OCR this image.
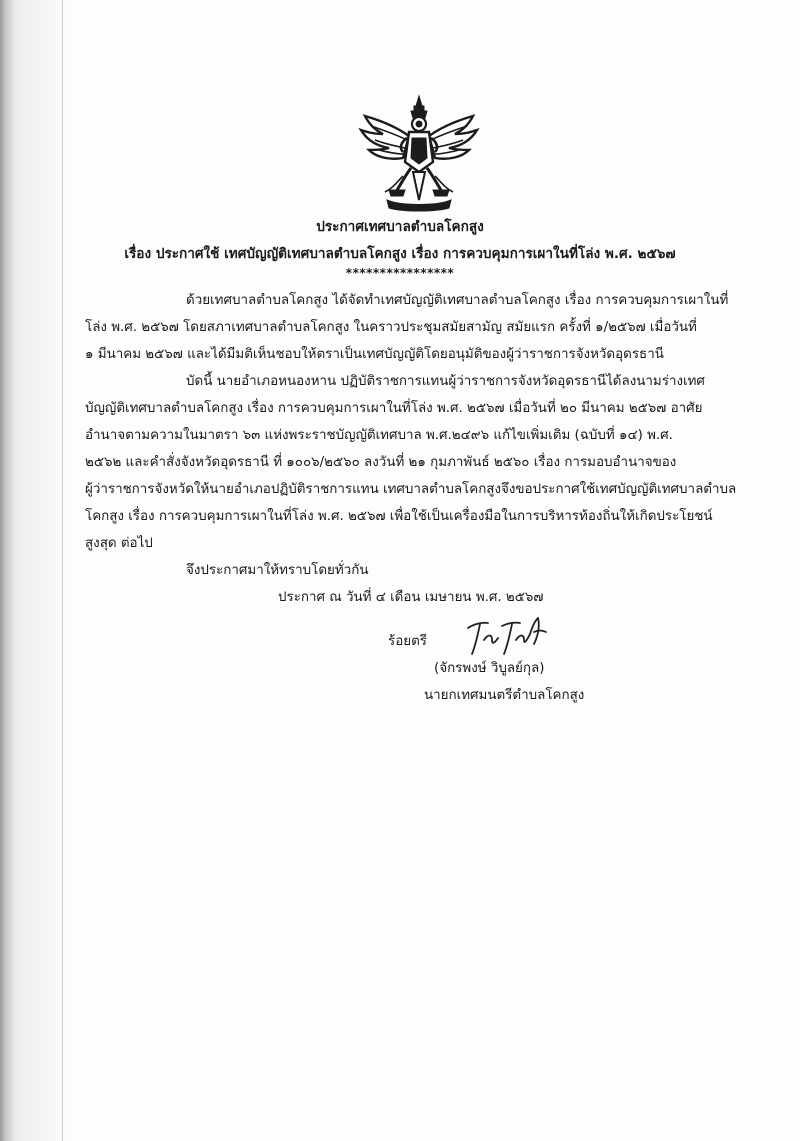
ประกาศเทศบาลตำบลโคกสูง
เรื่อง ประกาศใช้ เทศบัญญัติเทศบาลตำบลโคกสูง เรื่อง การควบคุมการเผาในที่โล่ง พ.ศ. ๒๕๖๗
****************
ด้วยเทศบาลตำบลโคกสูง ได้จัดทำเทศบัญญัติเทศบาลตำบลโคกสูง เรื่อง การควบคุมการเผาในที่
โล่ง พ.ศ. ๒๕๖๗ โดยสภาเทศบาลตำบลโคกสูง ในคราวประชุมสมัยสามัญ สมัยแรก ครั้งที่ ๑/๒๕๖๗ เมื่อวันที่
๑ มีนาคม ๒๕๖๗ และได้มีมติเห็นชอบให้ตราเป็นเทศบัญญัติโดยอนุมัติของผู้ว่าราชการจังหวัดอุดรธานี
บัดนี้ นายอำเภอหนองหาน ปฏิบัติราชการแทนผู้ว่าราชการจังหวัดอุดรธานีได้ลงนามร่างเทศ
บัญญัติเทศบาลตำบลโคกสูง เรื่อง การควบคุมการเผาในที่โล่ง พ.ศ. ๒๕๖๗ เมื่อวันที่ ๒๐ มีนาคม ๒๕๖๗ อาศัย
อำนาจตามความในมาตรา ๖๓ แห่งพระราชบัญญัติเทศบาล พ.ศ.๒๔๙๖ แก้ไขเพิ่มเติม (ฉบับที่ ๑๔) พ.ศ.
๒๕๖๒ และคำสั่งจังหวัดอุดรธานี ที่ ๑๐๐๖/๒๕๖๐ ลงวันที่ ๒๑ กุมภาพันธ์ ๒๕๖๐ เรื่อง การมอบอำนาจของ
ผู้ว่าราชการจังหวัดให้นายอำเภอปฏิบัติราชการแทน เทศบาลตำบลโคกสูงจึงขอประกาศใช้เทศบัญญัติเทศบาลตำบล
โคกสูง เรื่อง การควบคุมการเผาในที่โล่ง พ.ศ. ๒๕๖๗ เพื่อใช้เป็นเครื่องมือในการบริหารท้องถิ่นให้เกิดประโยชน์
สูงสุด ต่อไป
จึงประกาศมาให้ทราบโดยทั่วกัน
ประกาศ ณ วันที่ ๔ เดือน เมษายน พ.ศ. ๒๕๖๗
ร้อยตรี
(จักรพงษ์ วิบูลย์กุล)
นายกเทศมนตรีตำบลโคกสูง
